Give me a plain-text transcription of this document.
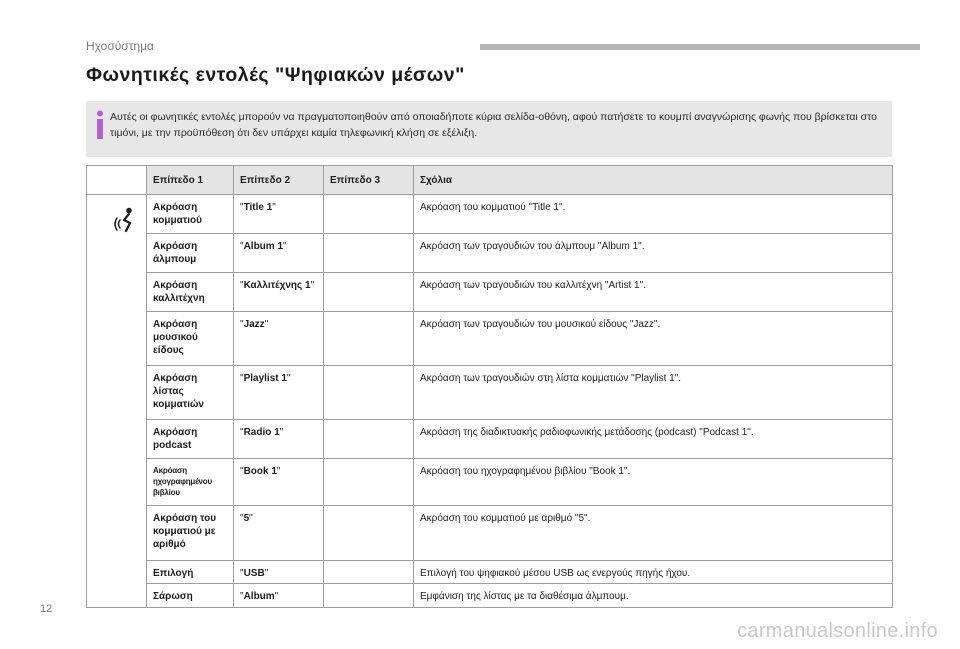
Ηχοσύστημα
Φωνητικές εντολές "Ψηφιακών μέσων"
Αυτές οι φωνητικές εντολές μπορούν να πραγματοποιηθούν από οποιαδήποτε κύρια σελίδα-οθόνη, αφού πατήσετε το κουμπί αναγνώρισης φωνής που βρίσκεται στο τιμόνι, με την προϋπόθεση ότι δεν υπάρχει καμία τηλεφωνική κλήση σε εξέλιξη.
	Επίπεδο 1	Επίπεδο 2	Επίπεδο 3	Σχόλια

	Ακρόαση κομματιού	"Title 1"		Ακρόαση του κομματιού "Title 1".
	Ακρόαση άλμπουμ	"Album 1"		Ακρόαση των τραγουδιών του άλμπουμ "Album 1".
	Ακρόαση καλλιτέχνη	"Καλλιτέχνης 1"		Ακρόαση των τραγουδιών του καλλιτέχνη "Artist 1".
	Ακρόαση μουσικού είδους	"Jazz"		Ακρόαση των τραγουδιών του μουσικού είδους "Jazz".
	Ακρόαση λίστας κομματιών	"Playlist 1"		Ακρόαση των τραγουδιών στη λίστα κομματιών "Playlist 1".
	Ακρόαση podcast	"Radio 1"		Ακρόαση της διαδικτυακής ραδιοφωνικής μετάδοσης (podcast) "Podcast 1".

	Ακρόαση ηχογραφημένου βιβλίου	"Book 1"		Ακρόαση του ηχογραφημένου βιβλίου "Book 1".
	Ακρόαση του κομματιού με αριθμό	"5"		Ακρόαση του κομματιού με αριθμό "5".
	Επιλογή	"USB"		Επιλογή του ψηφιακού μέσου USB ως ενεργούς πηγής ήχου.
	Σάρωση	"Album"		Εμφάνιση της λίστας με τα διαθέσιμα άλμπουμ.
12
carmanualsonline.info
